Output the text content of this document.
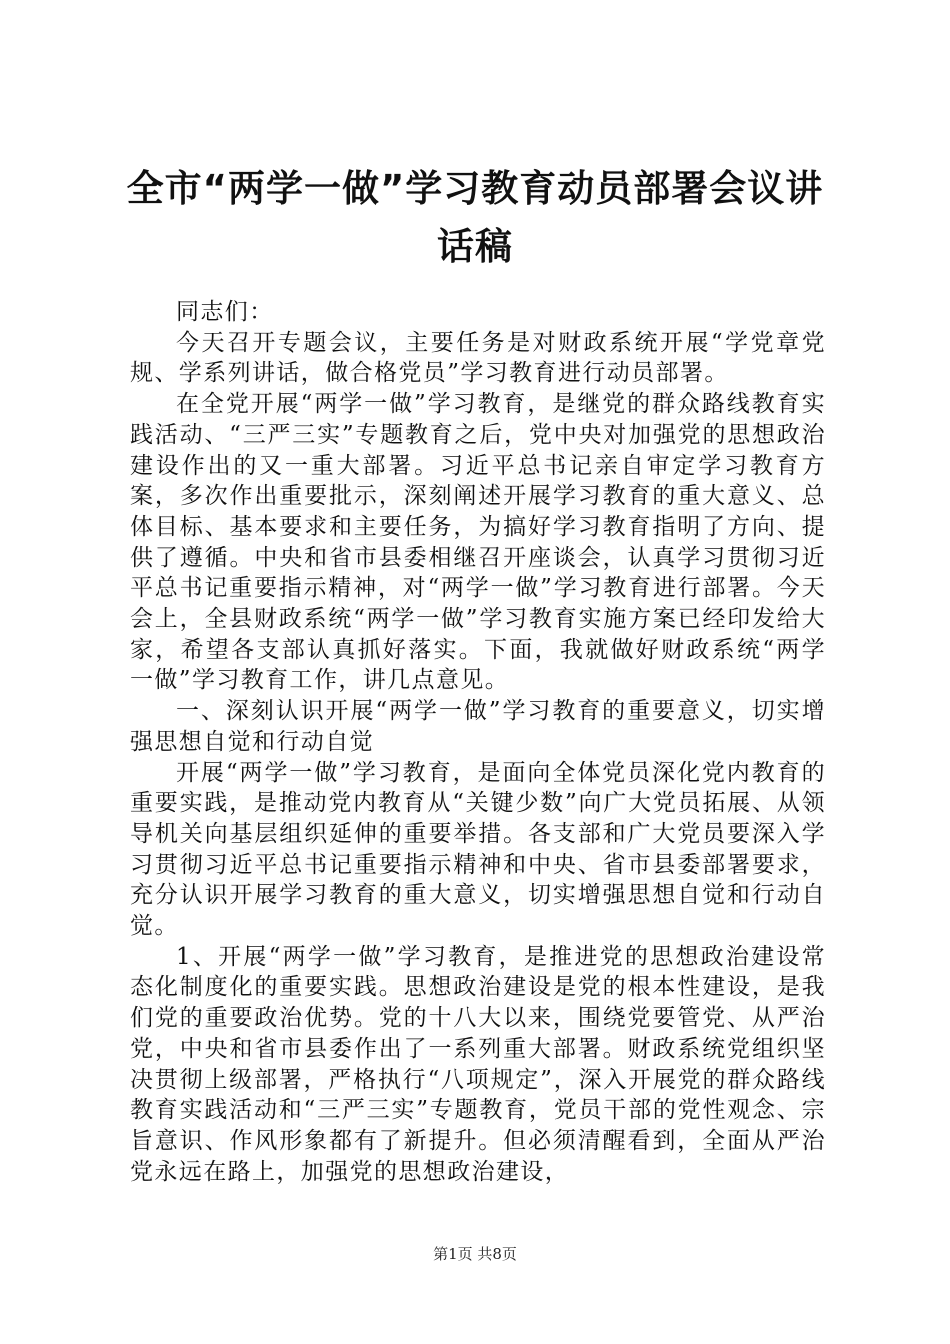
全市“两学一做”学习教育动员部署会议讲话稿

同志们：

今天召开专题会议，主要任务是对财政系统开展“学党章党规、学系列讲话，做合格党员”学习教育进行动员部署。

在全党开展“两学一做”学习教育，是继党的群众路线教育实践活动、“三严三实”专题教育之后，党中央对加强党的思想政治建设作出的又一重大部署。习近平总书记亲自审定学习教育方案，多次作出重要批示，深刻阐述开展学习教育的重大意义、总体目标、基本要求和主要任务，为搞好学习教育指明了方向、提供了遵循。中央和省市县委相继召开座谈会，认真学习贯彻习近平总书记重要指示精神，对“两学一做”学习教育进行部署。今天会上，全县财政系统“两学一做”学习教育实施方案已经印发给大家，希望各支部认真抓好落实。下面，我就做好财政系统“两学一做”学习教育工作，讲几点意见。

一、深刻认识开展“两学一做”学习教育的重要意义，切实增强思想自觉和行动自觉

开展“两学一做”学习教育，是面向全体党员深化党内教育的重要实践，是推动党内教育从“关键少数”向广大党员拓展、从领导机关向基层组织延伸的重要举措。各支部和广大党员要深入学习贯彻习近平总书记重要指示精神和中央、省市县委部署要求，充分认识开展学习教育的重大意义，切实增强思想自觉和行动自觉。

1、开展“两学一做”学习教育，是推进党的思想政治建设常态化制度化的重要实践。思想政治建设是党的根本性建设，是我们党的重要政治优势。党的十八大以来，围绕党要管党、从严治党，中央和省市县委作出了一系列重大部署。财政系统党组织坚决贯彻上级部署，严格执行“八项规定”，深入开展党的群众路线教育实践活动和“三严三实”专题教育，党员干部的党性观念、宗旨意识、作风形象都有了新提升。但必须清醒看到，全面从严治党永远在路上，加强党的思想政治建设，

第1页 共8页
